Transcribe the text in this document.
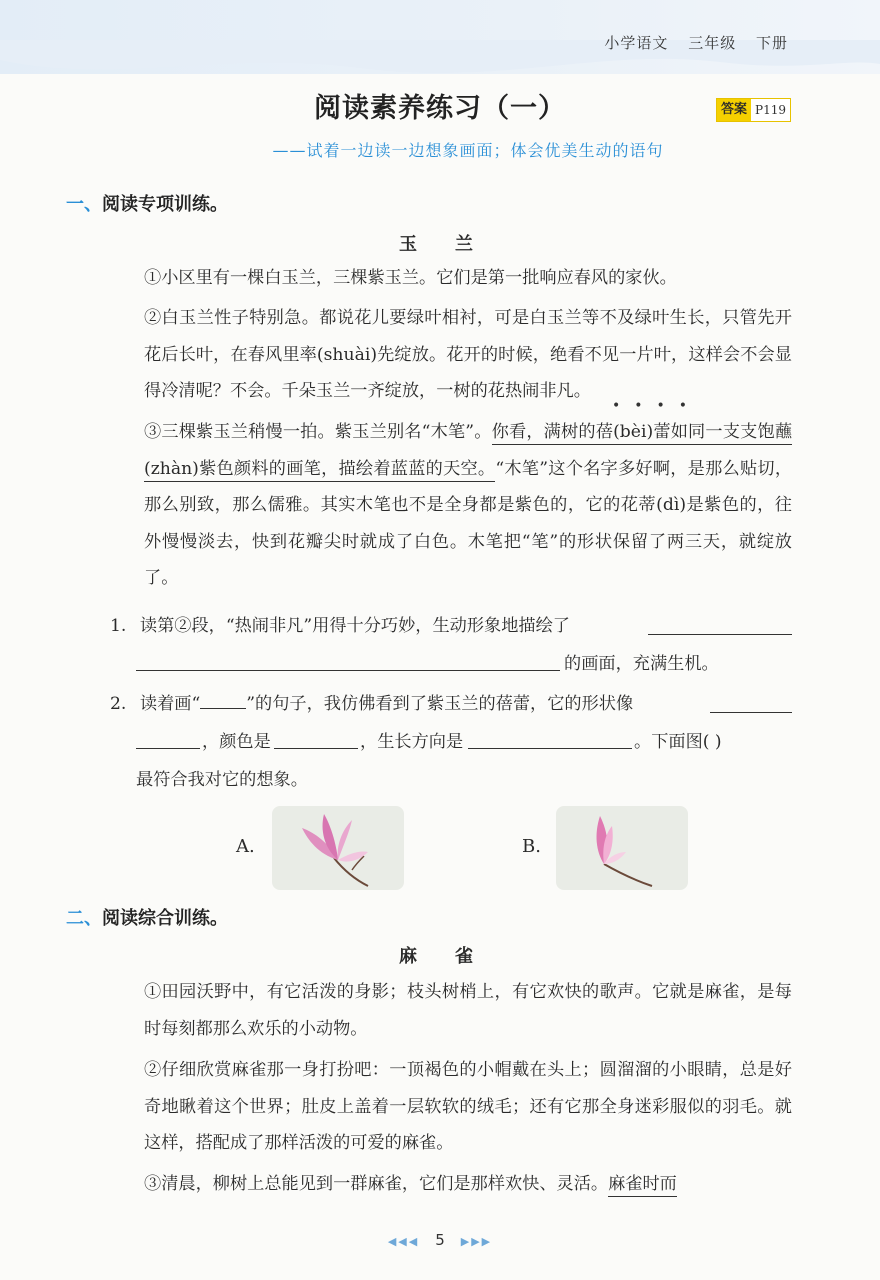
小学语文 三年级 下册
阅读素养练习（一）	答案 P119
——试着一边读一边想象画面；体会优美生动的语句
一、阅读专项训练。
玉兰
①小区里有一棵白玉兰，三棵紫玉兰。它们是第一批响应春风的家伙。
②白玉兰性子特别急。都说花儿要绿叶相衬，可是白玉兰等不及绿叶生长，只管先开花后长叶，在春风里率(shuài)先绽放。花开的时候，绝看不见一片叶，这样会不会显得冷清呢？不会。千朵玉兰一齐绽放，一树的花热闹非凡。
••••
③三棵紫玉兰稍慢一拍。紫玉兰别名“木笔”。你看，满树的蓓(bèi)蕾如同一支支饱蘸(zhàn)紫色颜料的画笔，描绘着蓝蓝的天空。“木笔”这个名字多好啊，是那么贴切，那么别致，那么儒雅。其实木笔也不是全身都是紫色的，它的花蒂(dì)是紫色的，往外慢慢淡去，快到花瓣尖时就成了白色。木笔把“笔”的形状保留了两三天，就绽放了。
1. 读第②段，“热闹非凡”用得十分巧妙，生动形象地描绘了
的画面，充满生机。
2. 读着画“	”的句子，我仿佛看到了紫玉兰的蓓蕾，它的形状像
，颜色是	，生长方向是	。下面图( )
最符合我对它的想象。
A.	B.
二、阅读综合训练。
麻雀
①田园沃野中，有它活泼的身影；枝头树梢上，有它欢快的歌声。它就是麻雀，是每时每刻都那么欢乐的小动物。
②仔细欣赏麻雀那一身打扮吧：一顶褐色的小帽戴在头上；圆溜溜的小眼睛，总是好奇地瞅着这个世界；肚皮上盖着一层软软的绒毛；还有它那全身迷彩服似的羽毛。就这样，搭配成了那样活泼的可爱的麻雀。
③清晨，柳树上总能见到一群麻雀，它们是那样欢快、灵活。麻雀时而
◀◀◀ 5 ▶▶▶
